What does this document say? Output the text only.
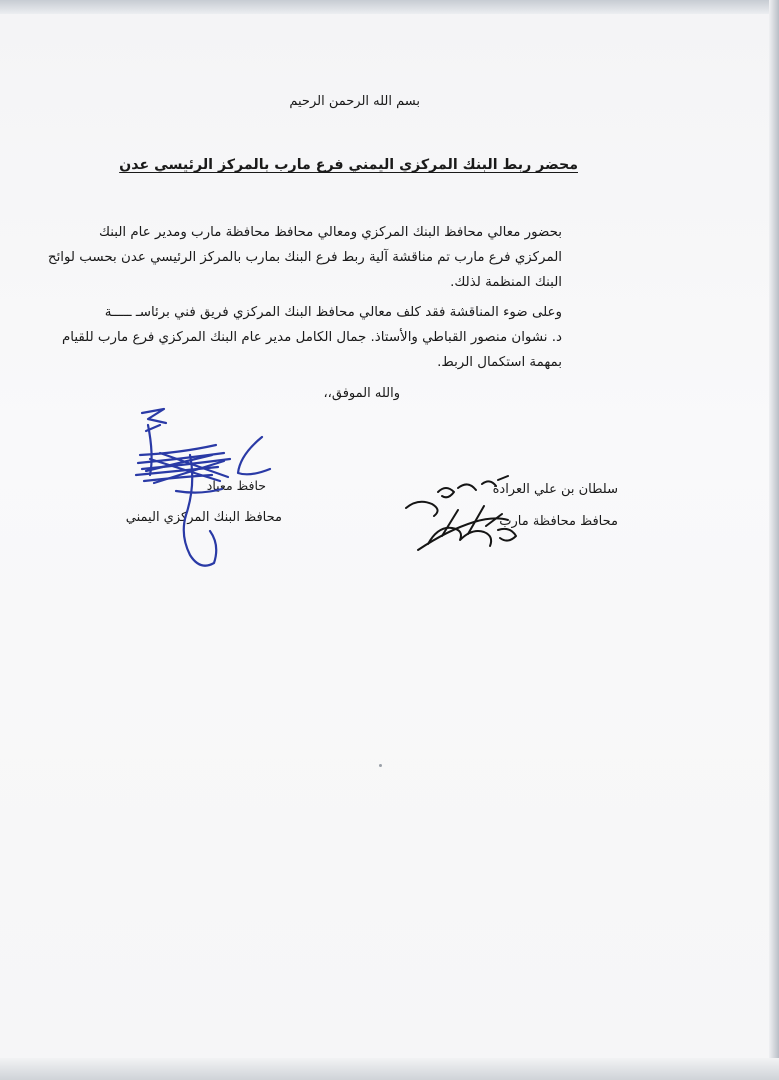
بسم الله الرحمن الرحيم
محضر ربط البنك المركزي اليمني فرع مارب بالمركز الرئيسي عدن
بحضور معالي محافظ البنك المركزي ومعالي محافظ محافظة مارب ومدير عام البنك
المركزي فرع مارب تم مناقشة آلية ربط فرع البنك بمارب بالمركز الرئيسي عدن بحسب لوائح
البنك المنظمة لذلك.
وعلى ضوء المناقشة فقد كلف معالي محافظ البنك المركزي فريق فني برئاسـ ـــــة
د. نشوان منصور القباطي والأستاذ. جمال الكامل مدير عام البنك المركزي فرع مارب للقيام
بمهمة استكمال الربط.
والله الموفق،،
سلطان بن علي العرادة
محافظ محافظة مارب
حافظ معياد
محافظ البنك المركزي اليمني
